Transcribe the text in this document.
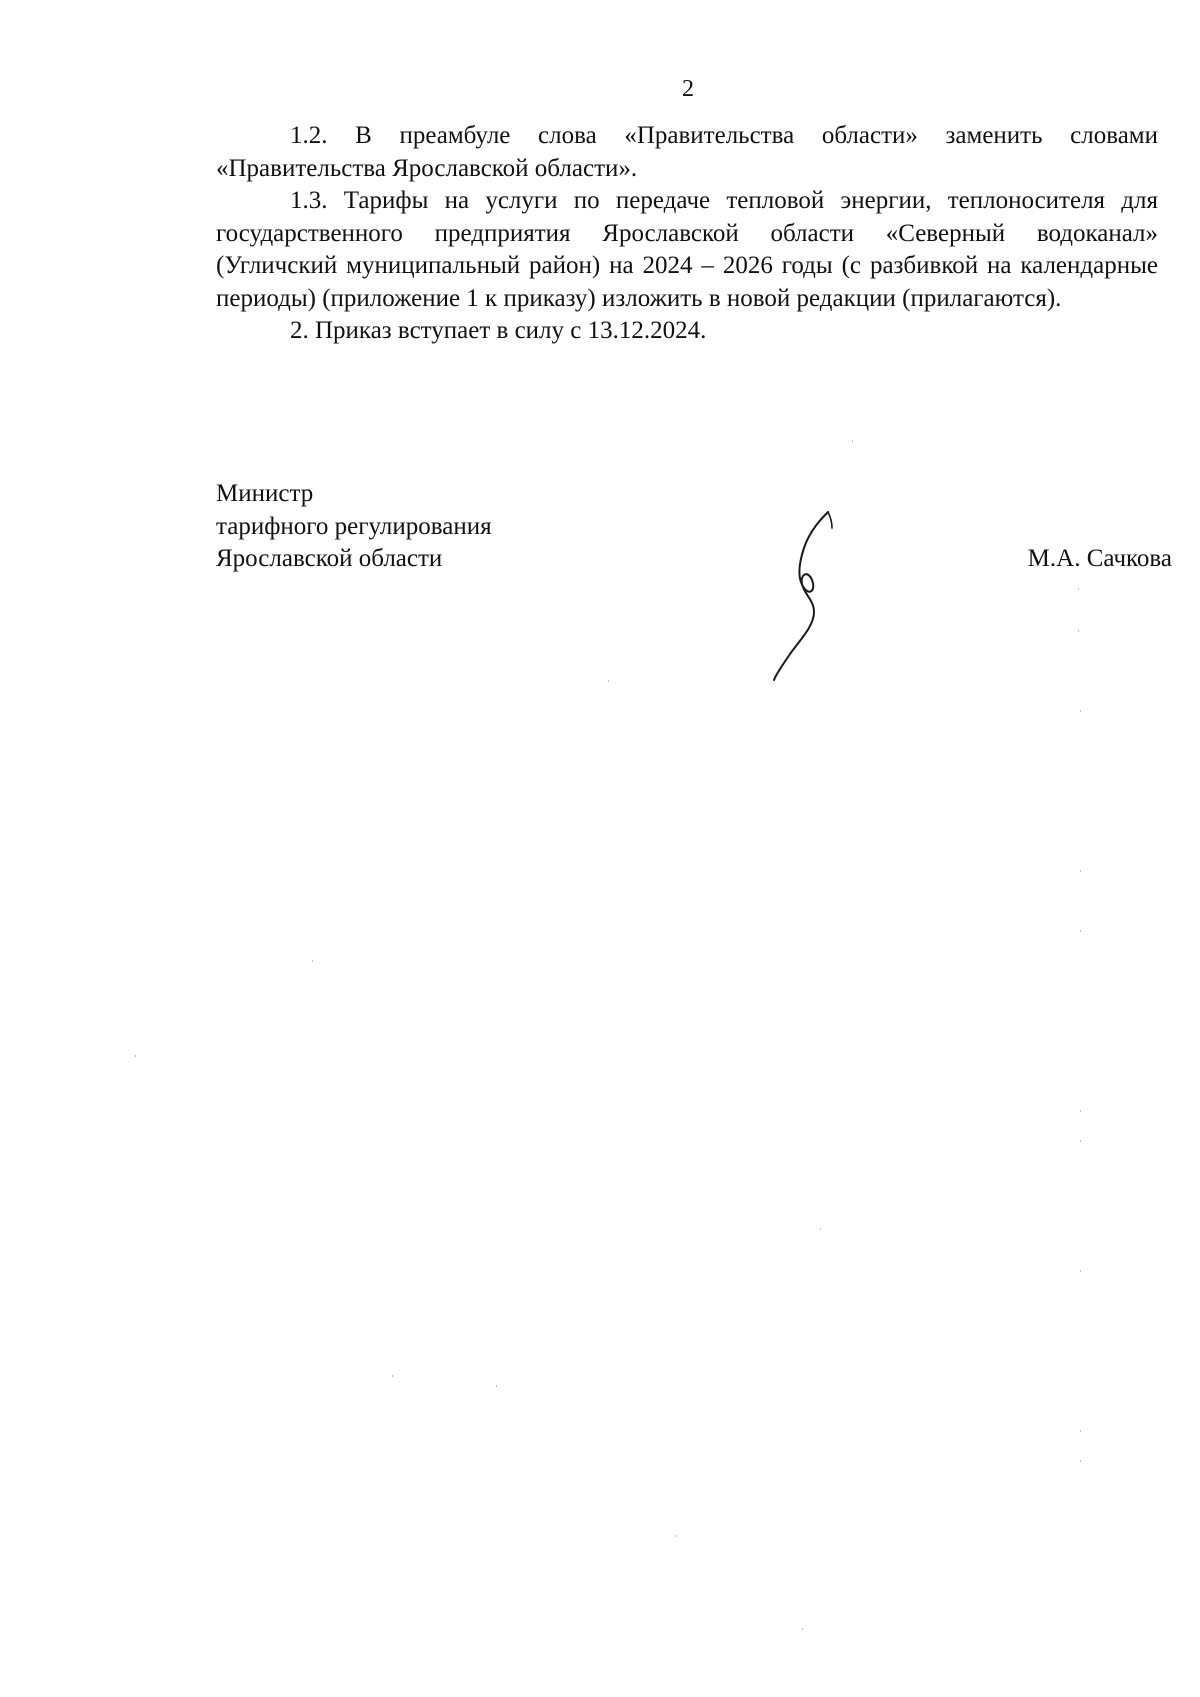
2

1.2. В преамбуле слова «Правительства области» заменить словами «Правительства Ярославской области».

1.3. Тарифы на услуги по передаче тепловой энергии, теплоносителя для государственного предприятия Ярославской области «Северный водоканал» (Угличский муниципальный район) на 2024 – 2026 годы (с разбивкой на календарные периоды) (приложение 1 к приказу) изложить в новой редакции (прилагаются).

2. Приказ вступает в силу с 13.12.2024.

Министр
тарифного регулирования
Ярославской области	М.А. Сачкова
